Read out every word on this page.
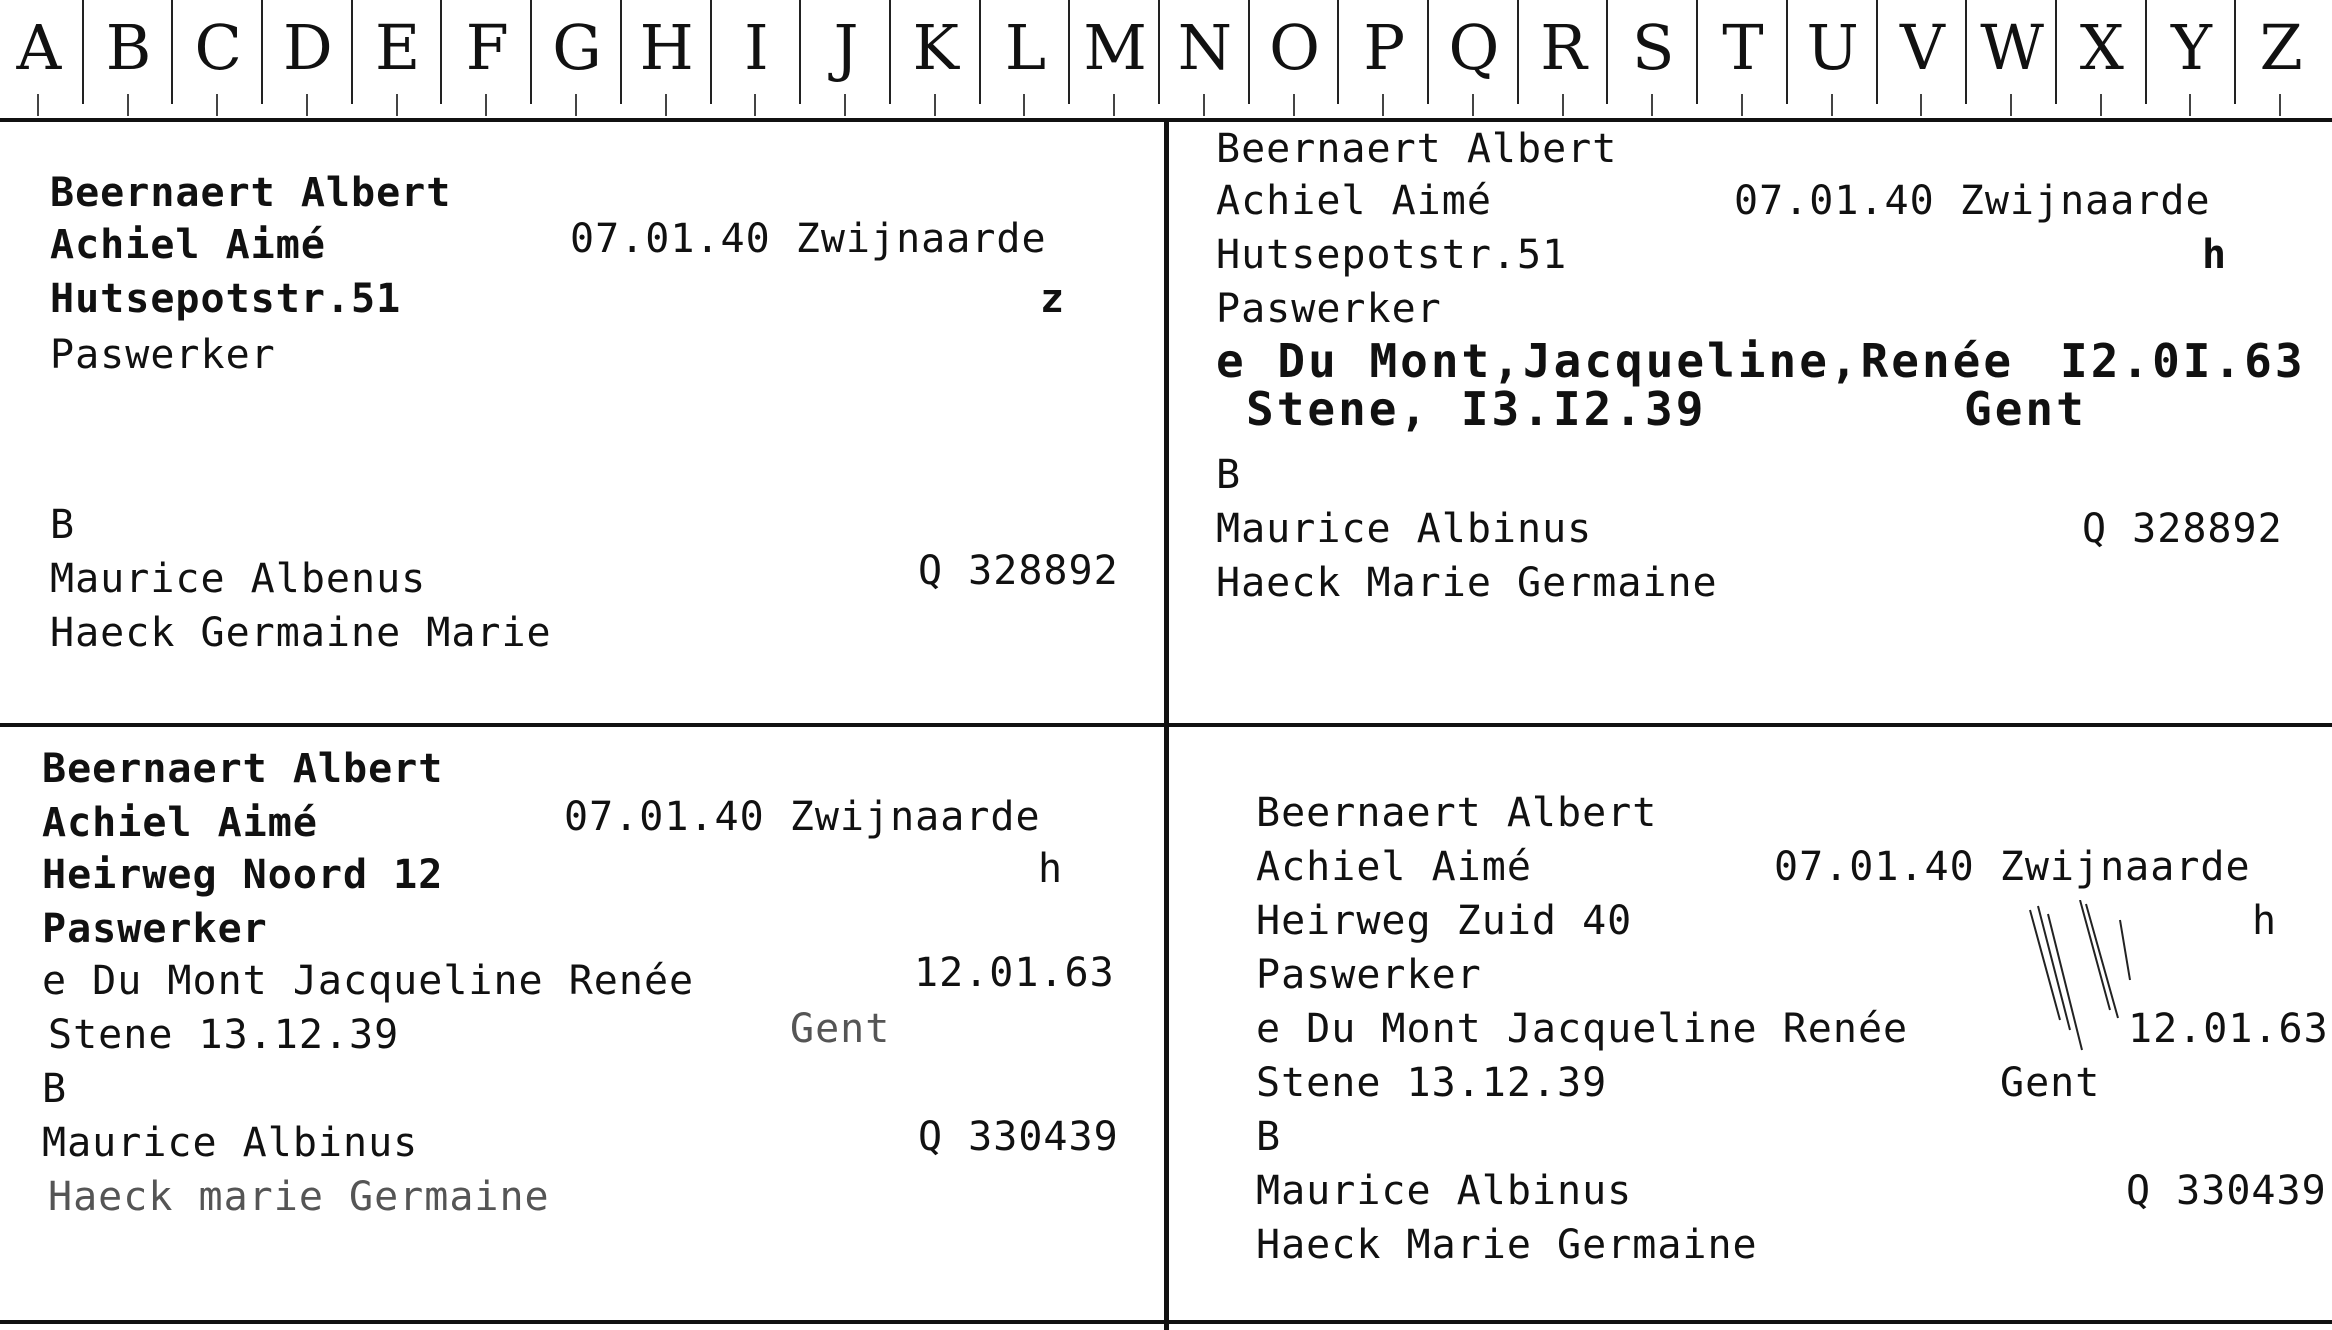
A B C D E F G H I	J K L M N O P Q R S T U V W X Y Z
Beernaert Albert
Achiel Aimé	07.01.40 Zwijnaarde
Hutsepotstr.51	z
Paswerker
B
Maurice Albenus	Q 328892
Haeck Germaine Marie
Beernaert Albert
Achiel Aimé	07.01.40 Zwijnaarde
Hutsepotstr.51	h
Paswerker
e Du Mont,Jacqueline,Renée I2.0I.63
Stene, I3.I2.39	Gent
B
Maurice Albinus	Q 328892
Haeck Marie Germaine
Beernaert Albert
Achiel Aimé	07.01.40 Zwijnaarde
Heirweg Noord 12	h
Paswerker
e Du Mont Jacqueline Renée	12.01.63
Stene 13.12.39	Gent
B
Maurice Albinus	Q 330439
Haeck marie Germaine
Beernaert Albert
Achiel Aimé	07.01.40 Zwijnaarde
Heirweg Zuid 40	h
Paswerker
e Du Mont Jacqueline Renée	12.01.63
Stene 13.12.39	Gent
B
Maurice Albinus	Q 330439
Haeck Marie Germaine
